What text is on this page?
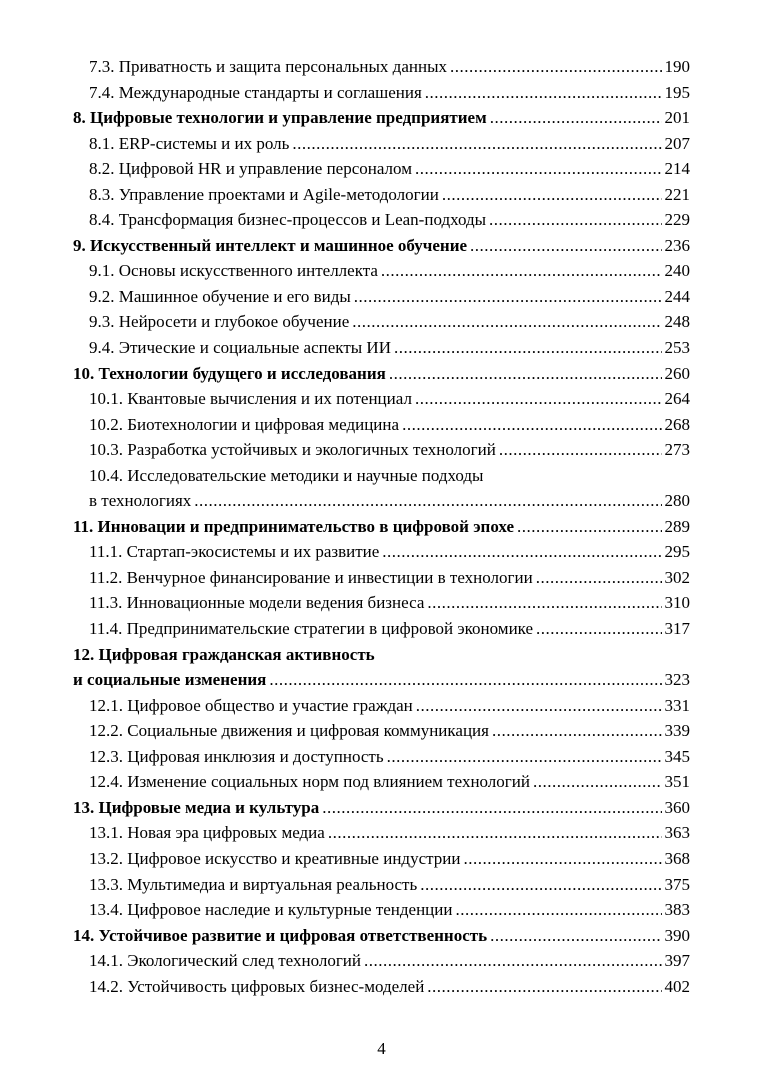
7.3. Приватность и защита персональных данных .....	190
7.4. Международные стандарты и соглашения .....	195
8. Цифровые технологии и управление предприятием .....	201
8.1. ERP-системы и их роль .....	207
8.2. Цифровой HR и управление персоналом .....	214
8.3. Управление проектами и Agile-методологии .....	221
8.4. Трансформация бизнес-процессов и Lean-подходы .....	229
9. Искусственный интеллект и машинное обучение .....	236
9.1. Основы искусственного интеллекта .....	240
9.2. Машинное обучение и его виды .....	244
9.3. Нейросети и глубокое обучение .....	248
9.4. Этические и социальные аспекты ИИ .....	253
10. Технологии будущего и исследования .....	260
10.1. Квантовые вычисления и их потенциал .....	264
10.2. Биотехнологии и цифровая медицина .....	268
10.3. Разработка устойчивых и экологичных технологий .....	273
10.4. Исследовательские методики и научные подходы
в технологиях .....	280
11. Инновации и предпринимательство в цифровой эпохе .....	289
11.1. Стартап-экосистемы и их развитие .....	295
11.2. Венчурное финансирование и инвестиции в технологии .....	302
11.3. Инновационные модели ведения бизнеса .....	310
11.4. Предпринимательские стратегии в цифровой экономике .....	317
12. Цифровая гражданская активность
и социальные изменения .....	323
12.1. Цифровое общество и участие граждан .....	331
12.2. Социальные движения и цифровая коммуникация .....	339
12.3. Цифровая инклюзия и доступность .....	345
12.4. Изменение социальных норм под влиянием технологий .....	351
13. Цифровые медиа и культура .....	360
13.1. Новая эра цифровых медиа .....	363
13.2. Цифровое искусство и креативные индустрии .....	368
13.3. Мультимедиа и виртуальная реальность .....	375
13.4. Цифровое наследие и культурные тенденции .....	383
14. Устойчивое развитие и цифровая ответственность .....	390
14.1. Экологический след технологий .....	397
14.2. Устойчивость цифровых бизнес-моделей .....	402
4
